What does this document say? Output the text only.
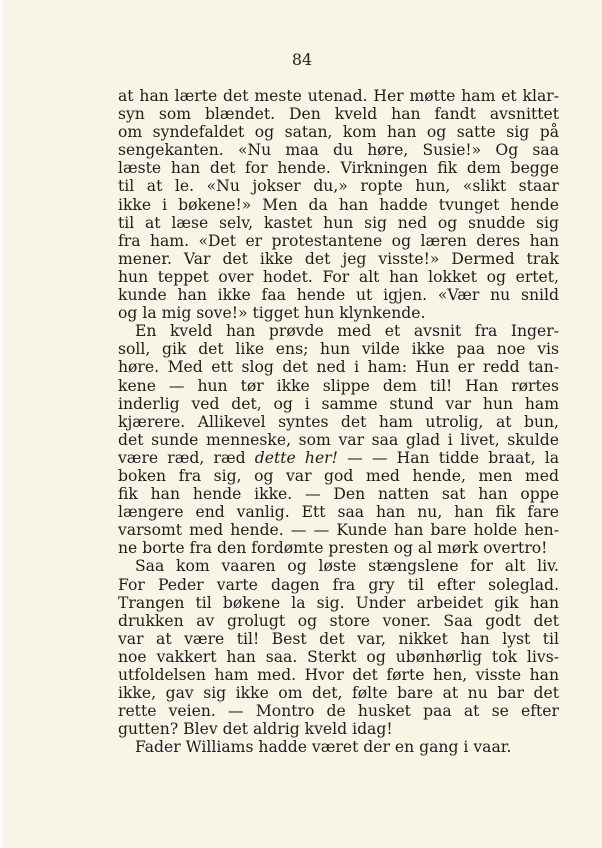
84
at han lærte det meste utenad. Her møtte ham et klar-
syn som blændet. Den kveld han fandt avsnittet
om syndefaldet og satan, kom han og satte sig på
sengekanten. «Nu maa du høre, Susie!» Og saa
læste han det for hende. Virkningen fik dem begge
til at le. «Nu jokser du,» ropte hun, «slikt staar
ikke i bøkene!» Men da han hadde tvunget hende
til at læse selv, kastet hun sig ned og snudde sig
fra ham. «Det er protestantene og læren deres han
mener. Var det ikke det jeg visste!» Dermed trak
hun teppet over hodet. For alt han lokket og ertet,
kunde han ikke faa hende ut igjen. «Vær nu snild
og la mig sove!» tigget hun klynkende.
En kveld han prøvde med et avsnit fra Inger-
soll, gik det like ens; hun vilde ikke paa noe vis
høre. Med ett slog det ned i ham: Hun er redd tan-
kene — hun tør ikke slippe dem til! Han rørtes
inderlig ved det, og i samme stund var hun ham
kjærere. Allikevel syntes det ham utrolig, at bun,
det sunde menneske, som var saa glad i livet, skulde
være ræd, ræd dette her! — — Han tidde braat, la
boken fra sig, og var god med hende, men med
fik han hende ikke. — Den natten sat han oppe
længere end vanlig. Ett saa han nu, han fik fare
varsomt med hende. — — Kunde han bare holde hen-
ne borte fra den fordømte presten og al mørk overtro!
Saa kom vaaren og løste stængslene for alt liv.
For Peder varte dagen fra gry til efter soleglad.
Trangen til bøkene la sig. Under arbeidet gik han
drukken av grolugt og store voner. Saa godt det
var at være til! Best det var, nikket han lyst til
noe vakkert han saa. Sterkt og ubønhørlig tok livs-
utfoldelsen ham med. Hvor det førte hen, visste han
ikke, gav sig ikke om det, følte bare at nu bar det
rette veien. — Montro de husket paa at se efter
gutten? Blev det aldrig kveld idag!
Fader Williams hadde været der en gang i vaar.
